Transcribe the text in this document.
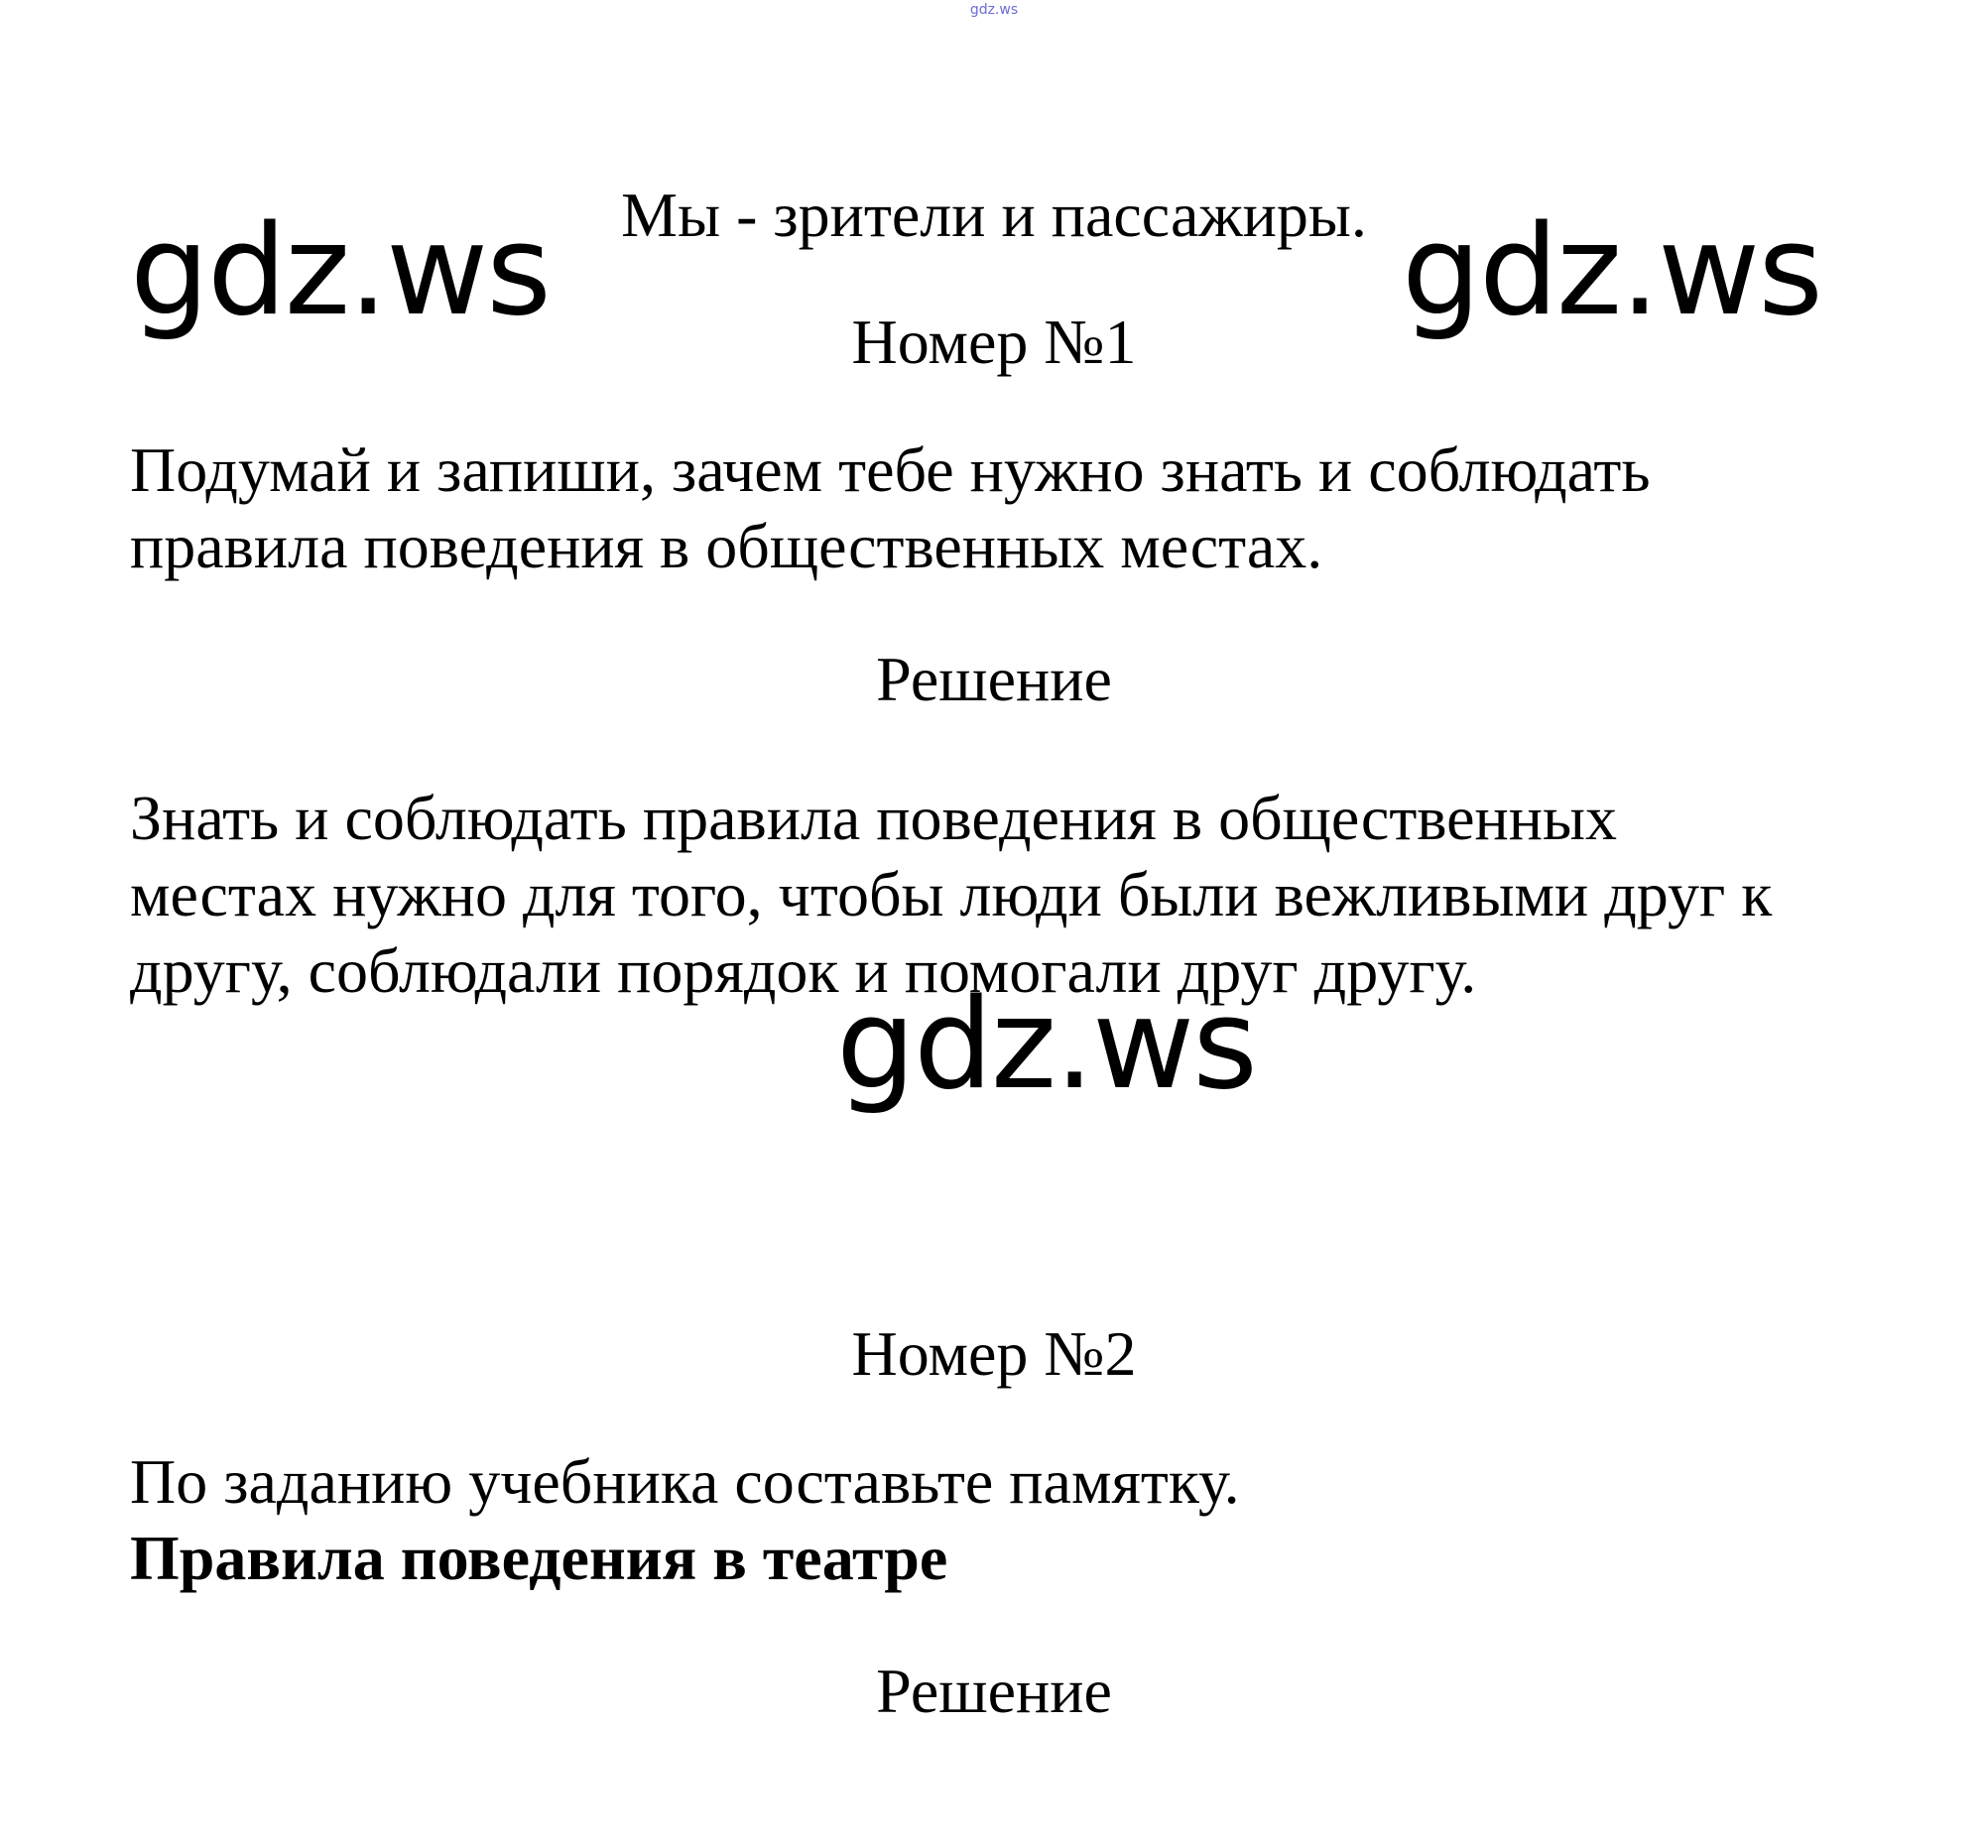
gdz.ws
gdz.ws	gdz.ws
Мы - зрители и пассажиры.
Номер №1
Подумай и запиши, зачем тебе нужно знать и соблюдать
правила поведения в общественных местах.
Решение
Знать и соблюдать правила поведения в общественных
местах нужно для того, чтобы люди были вежливыми друг к
другу, соблюдали порядок и помогали друг другу.
gdz.ws
Номер №2
По заданию учебника составьте памятку.
Правила поведения в театре
Решение
